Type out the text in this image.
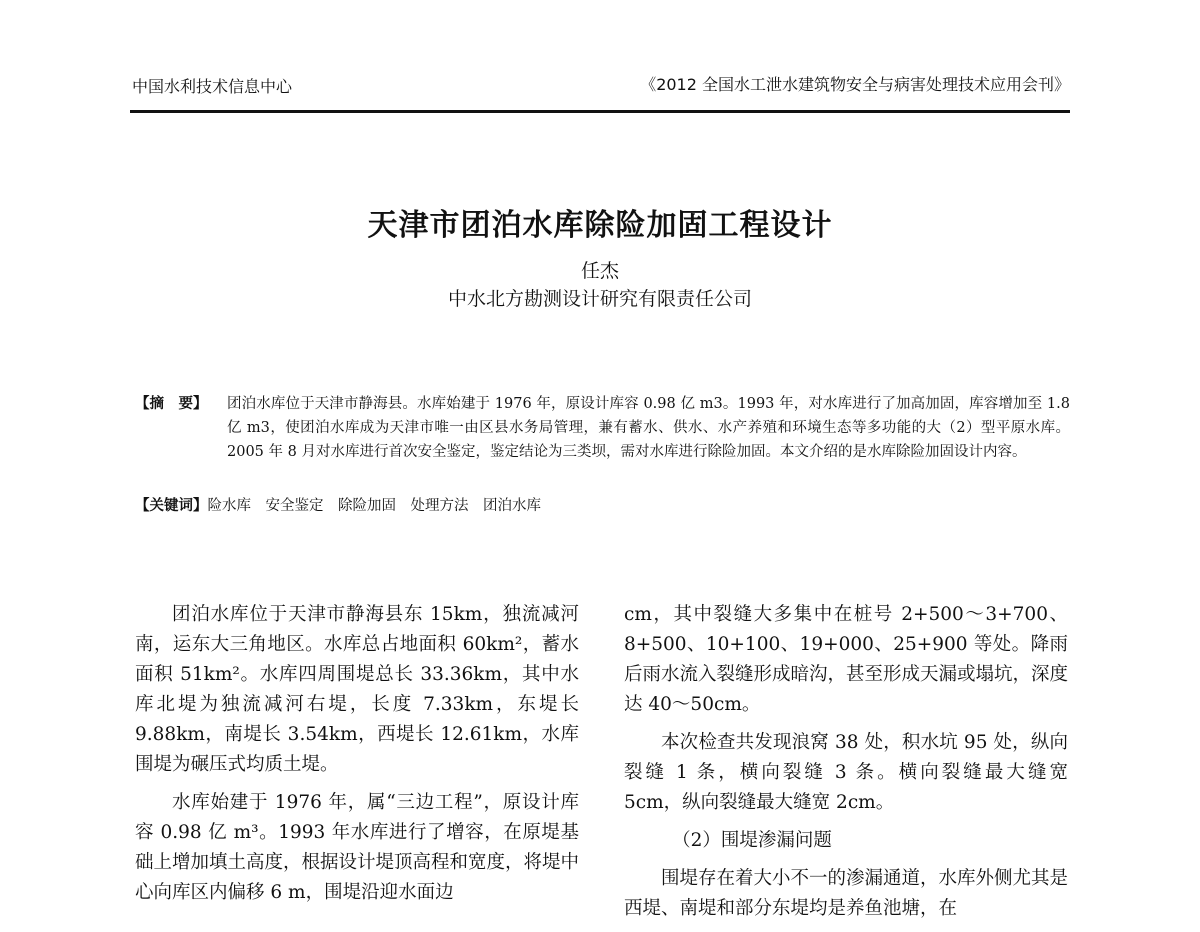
中国水利技术信息中心	《2012 全国水工泄水建筑物安全与病害处理技术应用会刊》
天津市团泊水库除险加固工程设计
任杰
中水北方勘测设计研究有限责任公司
【摘　要】 团泊水库位于天津市静海县。水库始建于 1976 年，原设计库容 0.98 亿 m3。1993 年，对水库进行了加高加固，库容增加至 1.8 亿 m3，使团泊水库成为天津市唯一由区县水务局管理，兼有蓄水、供水、水产养殖和环境生态等多功能的大（2）型平原水库。2005 年 8 月对水库进行首次安全鉴定，鉴定结论为三类坝，需对水库进行除险加固。本文介绍的是水库除险加固设计内容。
【关键词】险水库　安全鉴定　除险加固　处理方法　团泊水库

团泊水库位于天津市静海县东 15km，独流减河南，运东大三角地区。水库总占地面积 60km²，蓄水面积 51km²。水库四周围堤总长 33.36km，其中水库北堤为独流减河右堤，长度 7.33km，东堤长 9.88km，南堤长 3.54km，西堤长 12.61km，水库围堤为碾压式均质土堤。

水库始建于 1976 年，属“三边工程”，原设计库容 0.98 亿 m³。1993 年水库进行了增容，在原堤基础上增加填土高度，根据设计堤顶高程和宽度，将堤中心向库区内偏移 6 m，围堤沿迎水面边

cm，其中裂缝大多集中在桩号 2+500～3+700、8+500、10+100、19+000、25+900 等处。降雨后雨水流入裂缝形成暗沟，甚至形成天漏或塌坑，深度达 40～50cm。

本次检查共发现浪窝 38 处，积水坑 95 处，纵向裂缝 1 条，横向裂缝 3 条。横向裂缝最大缝宽 5cm，纵向裂缝最大缝宽 2cm。

（2）围堤渗漏问题

围堤存在着大小不一的渗漏通道，水库外侧尤其是西堤、南堤和部分东堤均是养鱼池塘，在
